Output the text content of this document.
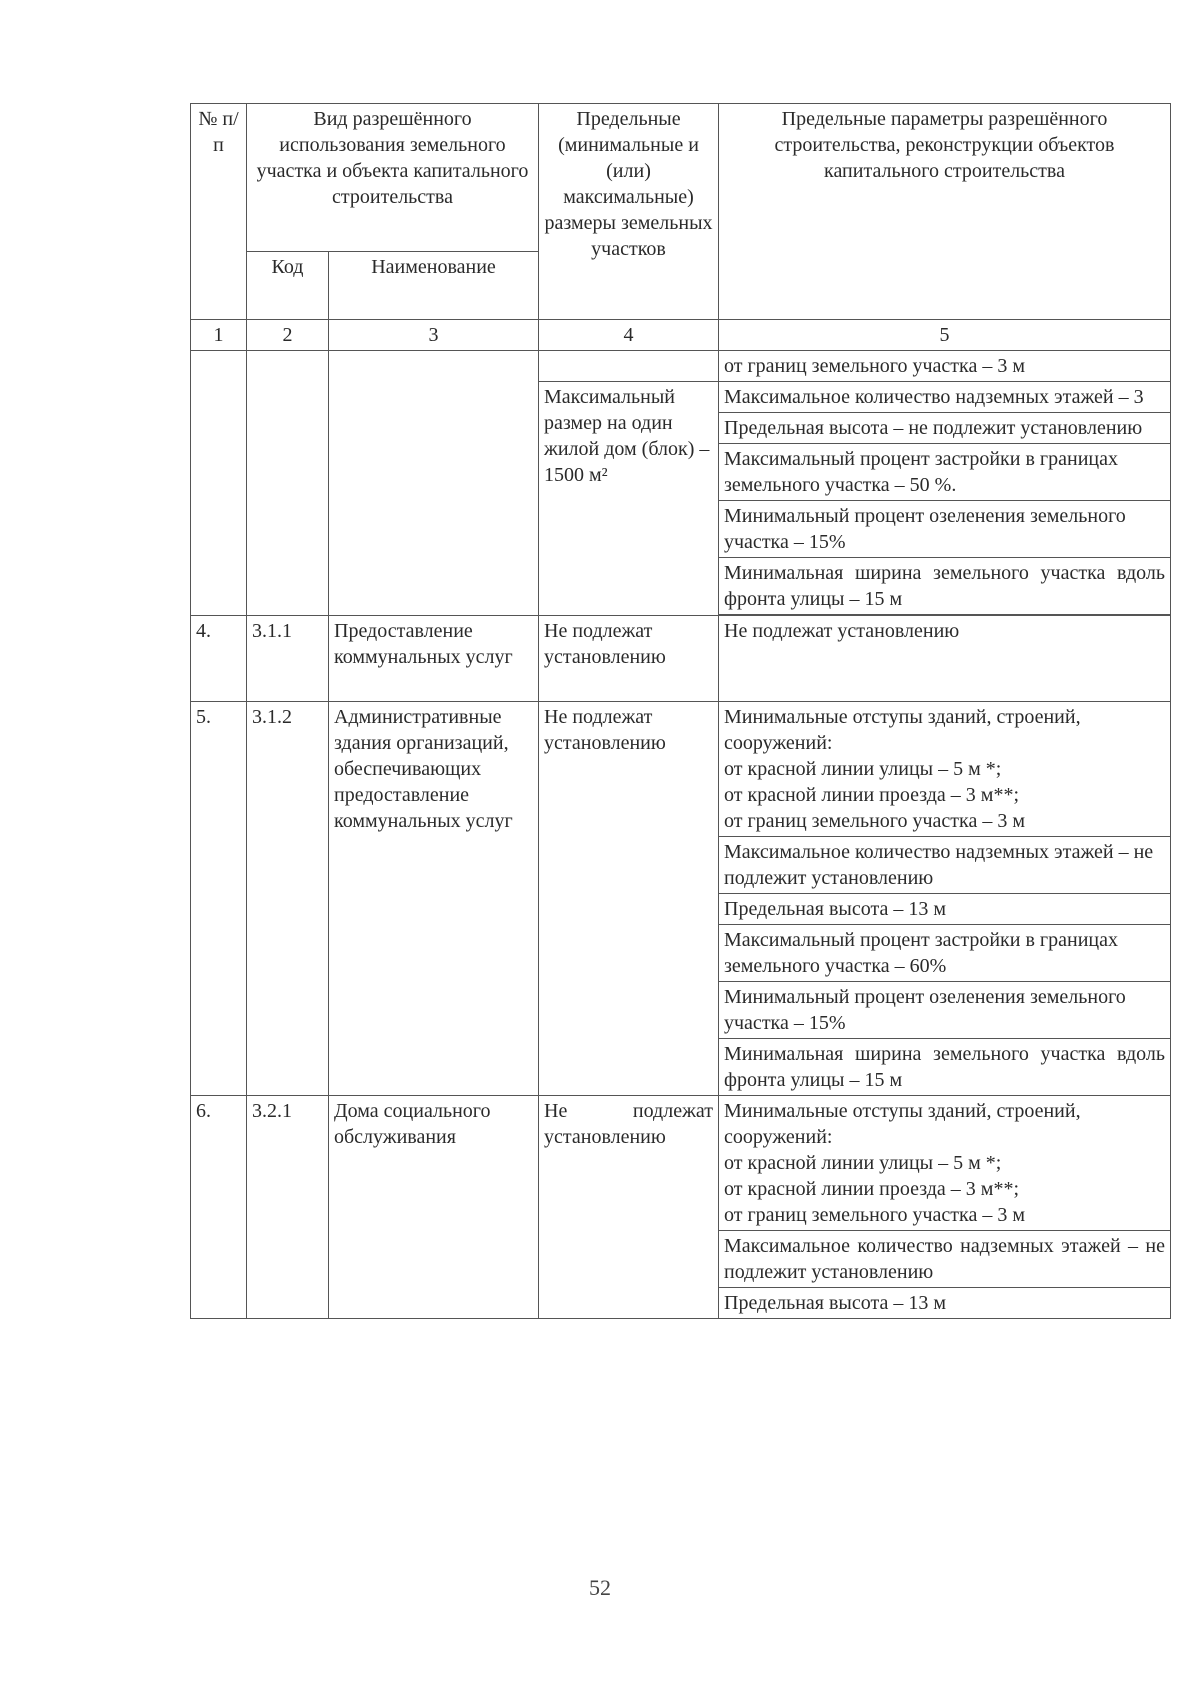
№ п/п	Вид разрешённого использования земельного участка и объекта капитального строительства		Предельные (минимальные и (или) максимальные) размеры земельных участков	Предельные параметры разрешённого строительства, реконструкции объектов капитального строительства
	Код	Наименование		
1	2	3	4	5
				от границ земельного участка – 3 м
			Максимальный размер на один жилой дом (блок) – 1500 м²	Максимальное количество надземных этажей – 3
				Предельная высота – не подлежит установлению
				Максимальный процент застройки в границах земельного участка – 50 %.
				Минимальный процент озеленения земельного участка – 15%
				Минимальная ширина земельного участка вдоль фронта улицы – 15 м

4.	3.1.1	Предоставление коммунальных услуг	Не подлежат установлению	Не подлежат установлению
5.	3.1.2	Административные здания организаций, обеспечивающих предоставление коммунальных услуг	Не подлежат установлению	Минимальные отступы зданий, строений, сооружений:
от красной линии улицы – 5 м *;
от красной линии проезда – 3 м**;
от границ земельного участка – 3 м

				Максимальное количество надземных этажей – не подлежит установлению
				Предельная высота – 13 м
				Максимальный процент застройки в границах земельного участка – 60%
				Минимальный процент озеленения земельного участка – 15%
				Минимальная ширина земельного участка вдоль фронта улицы – 15 м
6.	3.2.1	Дома социального обслуживания	Не подлежат установлению	Минимальные отступы зданий, строений, сооружений:
от красной линии улицы – 5 м *;
от красной линии проезда – 3 м**;
от границ земельного участка – 3 м

				Максимальное количество надземных этажей – не подлежит установлению
				Предельная высота – 13 м
52
